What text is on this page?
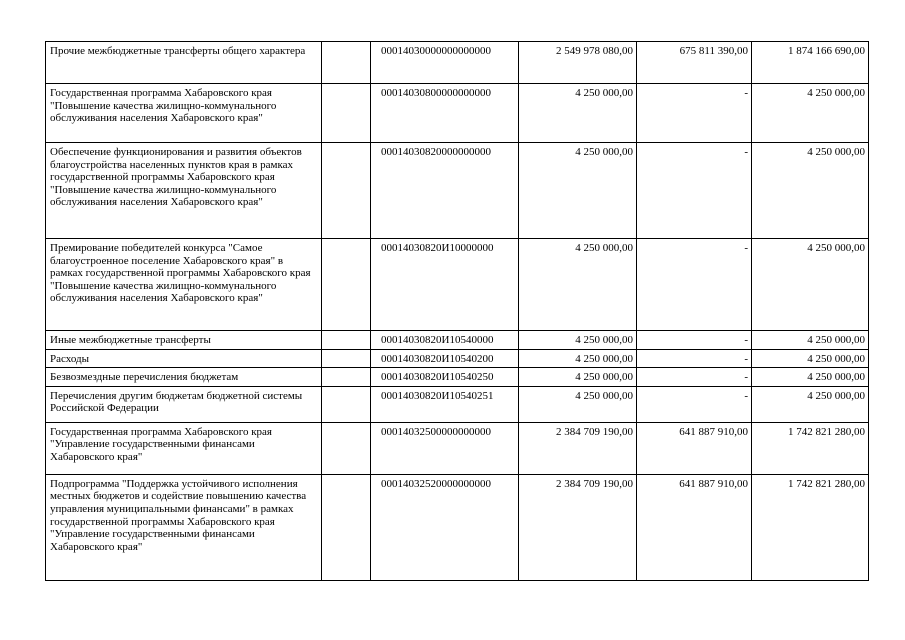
Прочие межбюджетные трансферты общего характера		00014030000000000000	2 549 978 080,00	675 811 390,00	1 874 166 690,00
Государственная программа Хабаровского края "Повышение качества жилищно-коммунального обслуживания населения Хабаровского края"		00014030800000000000	4 250 000,00	-	4 250 000,00
Обеспечение функционирования и развития объектов благоустройства населенных пунктов края в рамках государственной программы Хабаровского края "Повышение качества жилищно-коммунального обслуживания населения Хабаровского края"		00014030820000000000	4 250 000,00	-	4 250 000,00
Премирование победителей конкурса "Самое благоустроенное поселение Хабаровского края" в рамках государственной программы Хабаровского края "Повышение качества жилищно-коммунального обслуживания населения Хабаровского края"		00014030820И10000000	4 250 000,00	-	4 250 000,00
Иные межбюджетные трансферты		00014030820И10540000	4 250 000,00	-	4 250 000,00
Расходы		00014030820И10540200	4 250 000,00	-	4 250 000,00
Безвозмездные перечисления бюджетам		00014030820И10540250	4 250 000,00	-	4 250 000,00
Перечисления другим бюджетам бюджетной системы Российской Федерации		00014030820И10540251	4 250 000,00	-	4 250 000,00
Государственная программа Хабаровского края "Управление государственными финансами Хабаровского края"		00014032500000000000	2 384 709 190,00	641 887 910,00	1 742 821 280,00
Подпрограмма "Поддержка устойчивого исполнения местных бюджетов и содействие повышению качества управления муниципальными финансами" в рамках государственной программы Хабаровского края "Управление государственными финансами Хабаровского края"		00014032520000000000	2 384 709 190,00	641 887 910,00	1 742 821 280,00
